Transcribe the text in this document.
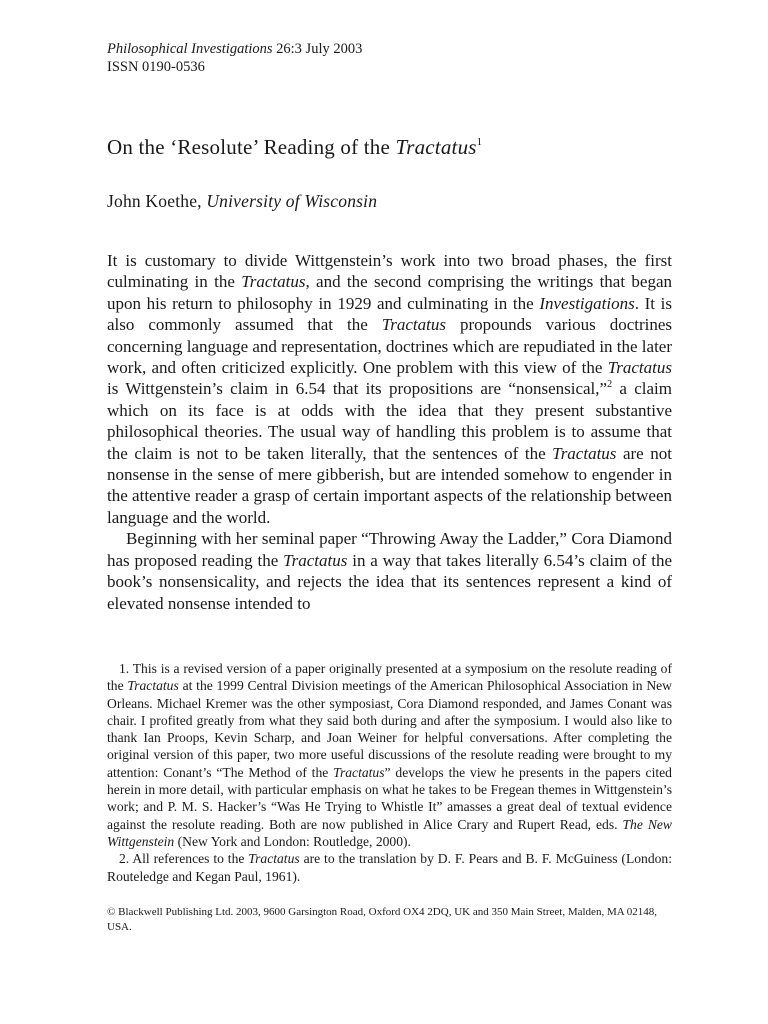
Philosophical Investigations 26:3 July 2003
ISSN 0190-0536

On the ‘Resolute’ Reading of the Tractatus$^1$

John Koethe, University of Wisconsin

It is customary to divide Wittgenstein’s work into two broad phases, the first culminating in the Tractatus, and the second comprising the writings that began upon his return to philosophy in 1929 and culminating in the Investigations. It is also commonly assumed that the Tractatus propounds various doctrines concerning language and representation, doctrines which are repudiated in the later work, and often criticized explicitly. One problem with this view of the Tractatus is Wittgenstein’s claim in 6.54 that its propositions are “nonsensical,”$^2$ a claim which on its face is at odds with the idea that they present substantive philosophical theories. The usual way of handling this problem is to assume that the claim is not to be taken literally, that the sentences of the Tractatus are not nonsense in the sense of mere gibberish, but are intended somehow to engender in the attentive reader a grasp of certain important aspects of the relationship between language and the world.

Beginning with her seminal paper “Throwing Away the Ladder,” Cora Diamond has proposed reading the Tractatus in a way that takes literally 6.54’s claim of the book’s nonsensicality, and rejects the idea that its sentences represent a kind of elevated nonsense intended to

1. This is a revised version of a paper originally presented at a symposium on the resolute reading of the Tractatus at the 1999 Central Division meetings of the American Philosophical Association in New Orleans. Michael Kremer was the other symposiast, Cora Diamond responded, and James Conant was chair. I profited greatly from what they said both during and after the symposium. I would also like to thank Ian Proops, Kevin Scharp, and Joan Weiner for helpful conversations. After completing the original version of this paper, two more useful discussions of the resolute reading were brought to my attention: Conant’s “The Method of the Tractatus” develops the view he presents in the papers cited herein in more detail, with particular emphasis on what he takes to be Fregean themes in Wittgenstein’s work; and P. M. S. Hacker’s “Was He Trying to Whistle It” amasses a great deal of textual evidence against the resolute reading. Both are now published in Alice Crary and Rupert Read, eds. The New Wittgenstein (New York and London: Routledge, 2000).

2. All references to the Tractatus are to the translation by D. F. Pears and B. F. McGuiness (London: Routeledge and Kegan Paul, 1961).

© Blackwell Publishing Ltd. 2003, 9600 Garsington Road, Oxford OX4 2DQ, UK and 350 Main Street, Malden, MA 02148, USA.
